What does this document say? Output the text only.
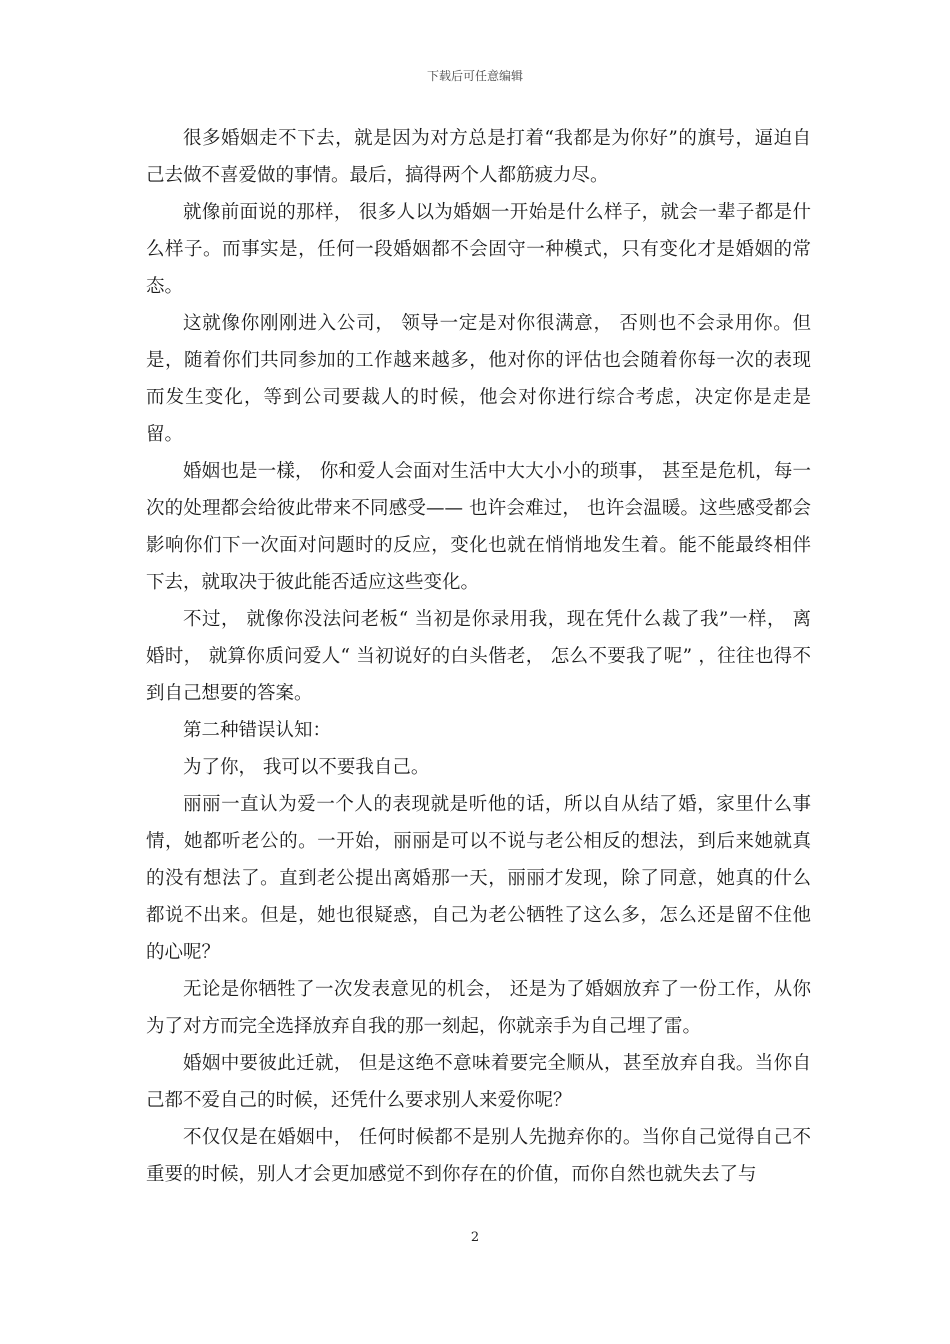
下载后可任意编辑

很多婚姻走不下去，就是因为对方总是打着“我都是为你好”的旗号，逼迫自己去做不喜爱做的事情。最后，搞得两个人都筋疲力尽。

就像前面说的那样， 很多人以为婚姻一开始是什么样子，就会一辈子都是什么样子。而事实是，任何一段婚姻都不会固守一种模式，只有变化才是婚姻的常态。

这就像你刚刚进入公司， 领导一定是对你很满意， 否则也不会录用你。但是，随着你们共同参加的工作越来越多，他对你的评估也会随着你每一次的表现而发生变化，等到公司要裁人的时候，他会对你进行综合考虑，决定你是走是留。

婚姻也是一樣， 你和爱人会面对生活中大大小小的琐事， 甚至是危机，每一次的处理都会给彼此带来不同感受—— 也许会难过， 也许会温暖。这些感受都会影响你们下一次面对问题时的反应，变化也就在悄悄地发生着。能不能最终相伴下去，就取决于彼此能否适应这些变化。

不过， 就像你没法问老板“ 当初是你录用我，现在凭什么裁了我”一样， 离婚时， 就算你质问爱人“ 当初说好的白头偕老， 怎么不要我了呢” ，往往也得不到自己想要的答案。

第二种错误认知：

为了你， 我可以不要我自己。

丽丽一直认为爱一个人的表现就是听他的话，所以自从结了婚，家里什么事情，她都听老公的。一开始，丽丽是可以不说与老公相反的想法，到后来她就真的没有想法了。直到老公提出离婚那一天，丽丽才发现，除了同意，她真的什么都说不出来。但是，她也很疑惑，自己为老公牺牲了这么多，怎么还是留不住他的心呢？

无论是你牺牲了一次发表意见的机会， 还是为了婚姻放弃了一份工作，从你为了对方而完全选择放弃自我的那一刻起，你就亲手为自己埋了雷。

婚姻中要彼此迁就， 但是这绝不意味着要完全顺从，甚至放弃自我。当你自己都不爱自己的时候，还凭什么要求别人来爱你呢？

不仅仅是在婚姻中， 任何时候都不是别人先抛弃你的。当你自己觉得自己不重要的时候，别人才会更加感觉不到你存在的价值，而你自然也就失去了与

2
